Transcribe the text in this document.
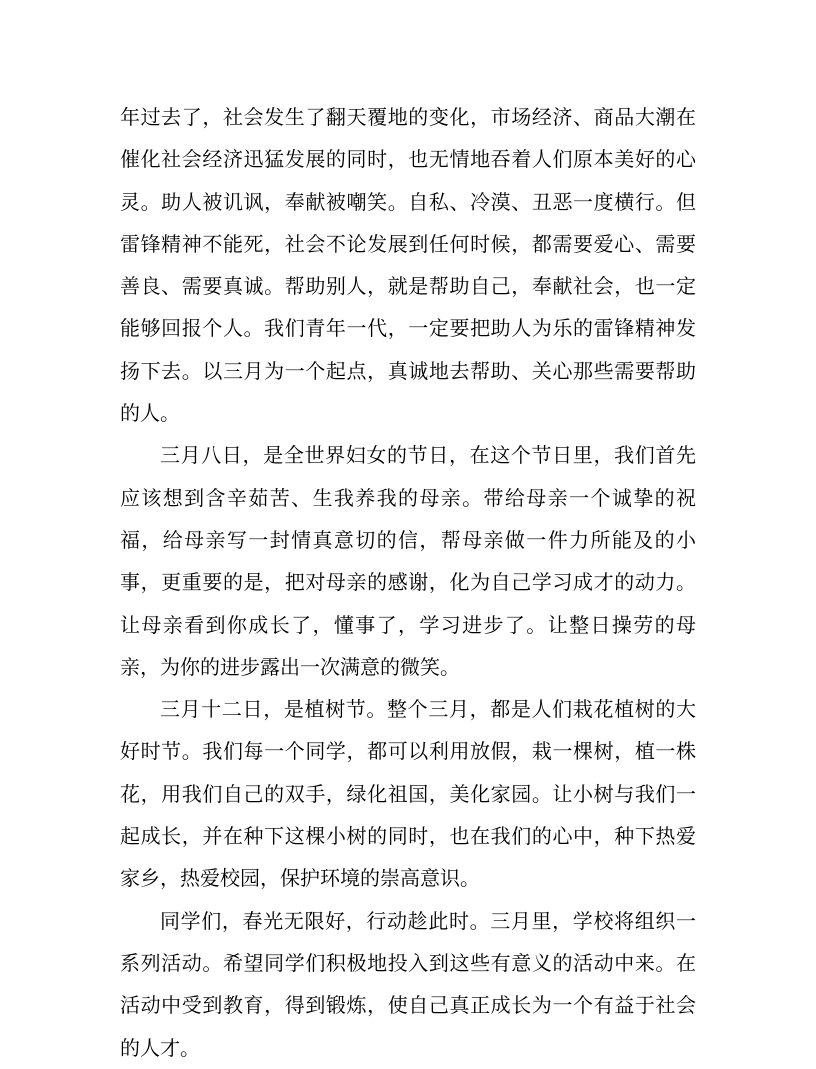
年过去了，社会发生了翻天覆地的变化，市场经济、商品大潮在催化社会经济迅猛发展的同时，也无情地吞着人们原本美好的心灵。助人被讥讽，奉献被嘲笑。自私、冷漠、丑恶一度横行。但雷锋精神不能死，社会不论发展到任何时候，都需要爱心、需要善良、需要真诚。帮助别人，就是帮助自己，奉献社会，也一定能够回报个人。我们青年一代，一定要把助人为乐的雷锋精神发扬下去。以三月为一个起点，真诚地去帮助、关心那些需要帮助的人。

三月八日，是全世界妇女的节日，在这个节日里，我们首先应该想到含辛茹苦、生我养我的母亲。带给母亲一个诚挚的祝福，给母亲写一封情真意切的信，帮母亲做一件力所能及的小事，更重要的是，把对母亲的感谢，化为自己学习成才的动力。让母亲看到你成长了，懂事了，学习进步了。让整日操劳的母亲，为你的进步露出一次满意的微笑。

三月十二日，是植树节。整个三月，都是人们栽花植树的大好时节。我们每一个同学，都可以利用放假，栽一棵树，植一株花，用我们自己的双手，绿化祖国，美化家园。让小树与我们一起成长，并在种下这棵小树的同时，也在我们的心中，种下热爱家乡，热爱校园，保护环境的崇高意识。

同学们，春光无限好，行动趁此时。三月里，学校将组织一系列活动。希望同学们积极地投入到这些有意义的活动中来。在活动中受到教育，得到锻炼，使自己真正成长为一个有益于社会的人才。
